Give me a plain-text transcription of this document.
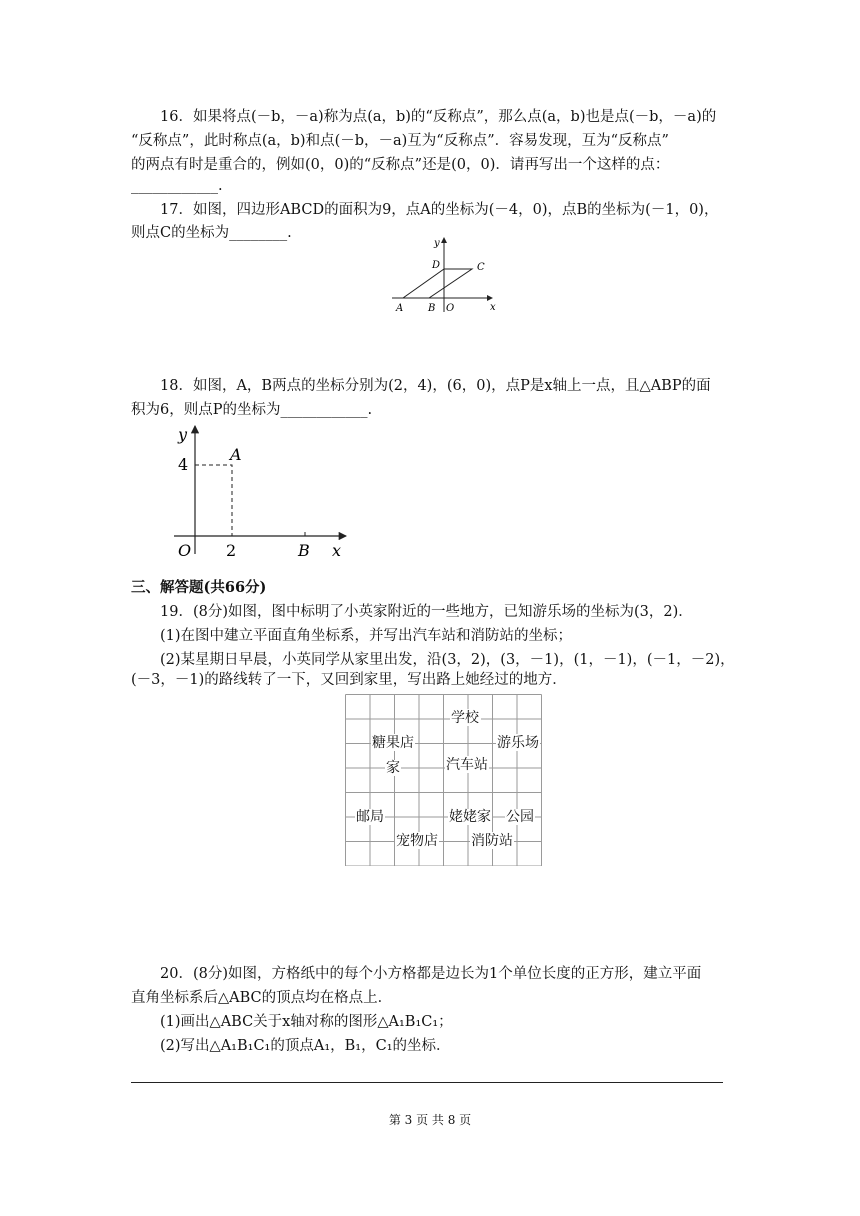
16．如果将点(－b，－a)称为点(a，b)的“反称点”，那么点(a，b)也是点(－b，－a)的
“反称点”，此时称点(a，b)和点(－b，－a)互为“反称点”．容易发现，互为“反称点”
的两点有时是重合的，例如(0，0)的“反称点”还是(0，0)．请再写出一个这样的点：
____________.
17．如图，四边形ABCD的面积为9，点A的坐标为(－4，0)，点B的坐标为(－1，0)，
则点C的坐标为________.
y
D	C
A B O	x
18．如图，A，B两点的坐标分别为(2，4)，(6，0)，点P是x轴上一点，且△ABP的面
积为6，则点P的坐标为____________.
y
4
A
O 2	B x
三、解答题(共66分)
19．(8分)如图，图中标明了小英家附近的一些地方，已知游乐场的坐标为(3，2)．
(1)在图中建立平面直角坐标系，并写出汽车站和消防站的坐标；
(2)某星期日早晨，小英同学从家里出发，沿(3，2)，(3，－1)，(1，－1)，(－1，－2)，
(－3，－1)的路线转了一下，又回到家里，写出路上她经过的地方．
学校
糖果店	游乐场
家	汽车站
邮局	姥姥家 公园
宠物店 消防站
20．(8分)如图，方格纸中的每个小方格都是边长为1个单位长度的正方形，建立平面
直角坐标系后△ABC的顶点均在格点上．
(1)画出△ABC关于x轴对称的图形△A₁B₁C₁；
(2)写出△A₁B₁C₁的顶点A₁，B₁，C₁的坐标．
第 3 页 共 8 页
